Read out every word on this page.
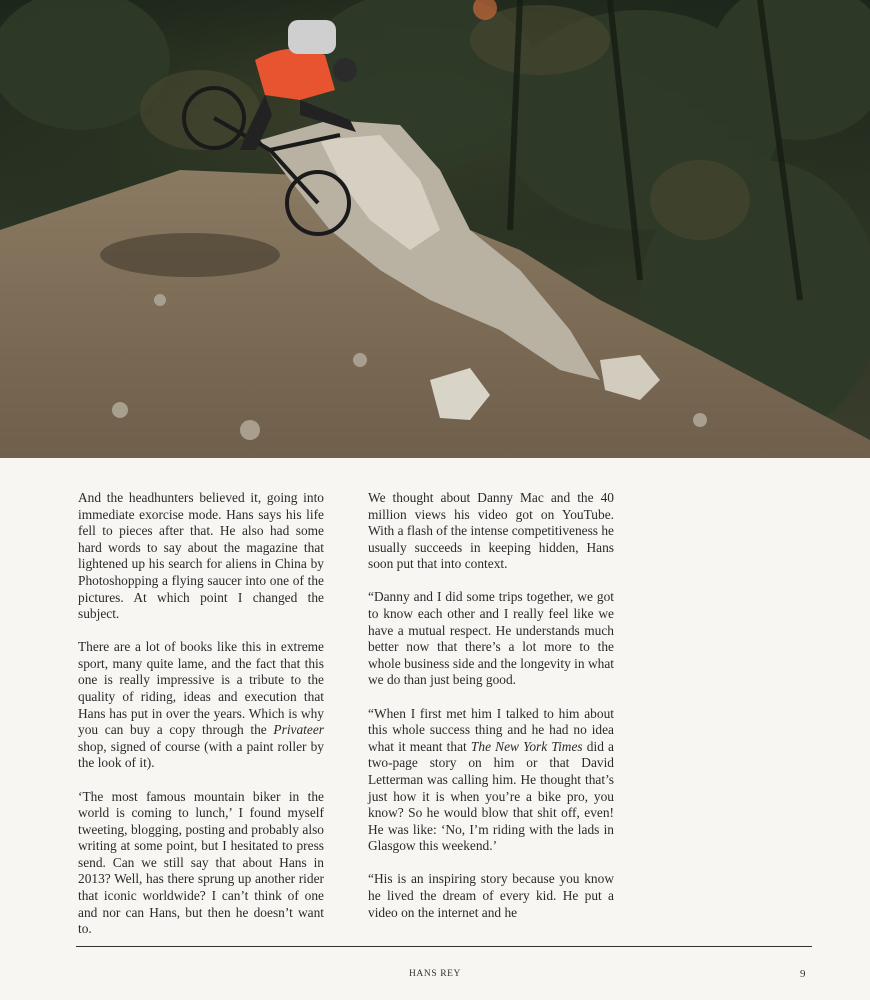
And the headhunters believed it, going into immediate exorcise mode. Hans says his life fell to pieces after that. He also had some hard words to say about the magazine that lightened up his search for aliens in China by Photoshopping a flying saucer into one of the pictures. At which point I changed the subject.

There are a lot of books like this in extreme sport, many quite lame, and the fact that this one is really impressive is a tribute to the quality of riding, ideas and execution that Hans has put in over the years. Which is why you can buy a copy through the Privateer shop, signed of course (with a paint roller by the look of it).

‘The most famous mountain biker in the world is coming to lunch,’ I found myself tweeting, blogging, posting and probably also writing at some point, but I hesitated to press send. Can we still say that about Hans in 2013? Well, has there sprung up another rider that iconic worldwide? I can’t think of one and nor can Hans, but then he doesn’t want to.

We thought about Danny Mac and the 40 million views his video got on YouTube. With a flash of the intense competitiveness he usually succeeds in keeping hidden, Hans soon put that into context.

“Danny and I did some trips together, we got to know each other and I really feel like we have a mutual respect. He understands much better now that there’s a lot more to the whole business side and the longevity in what we do than just being good.

“When I first met him I talked to him about this whole success thing and he had no idea what it meant that The New York Times did a two-page story on him or that David Letterman was calling him. He thought that’s just how it is when you’re a bike pro, you know? So he would blow that shit off, even! He was like: ‘No, I’m riding with the lads in Glasgow this weekend.’

“His is an inspiring story because you know he lived the dream of every kid. He put a video on the internet and he

HANS REY	9
